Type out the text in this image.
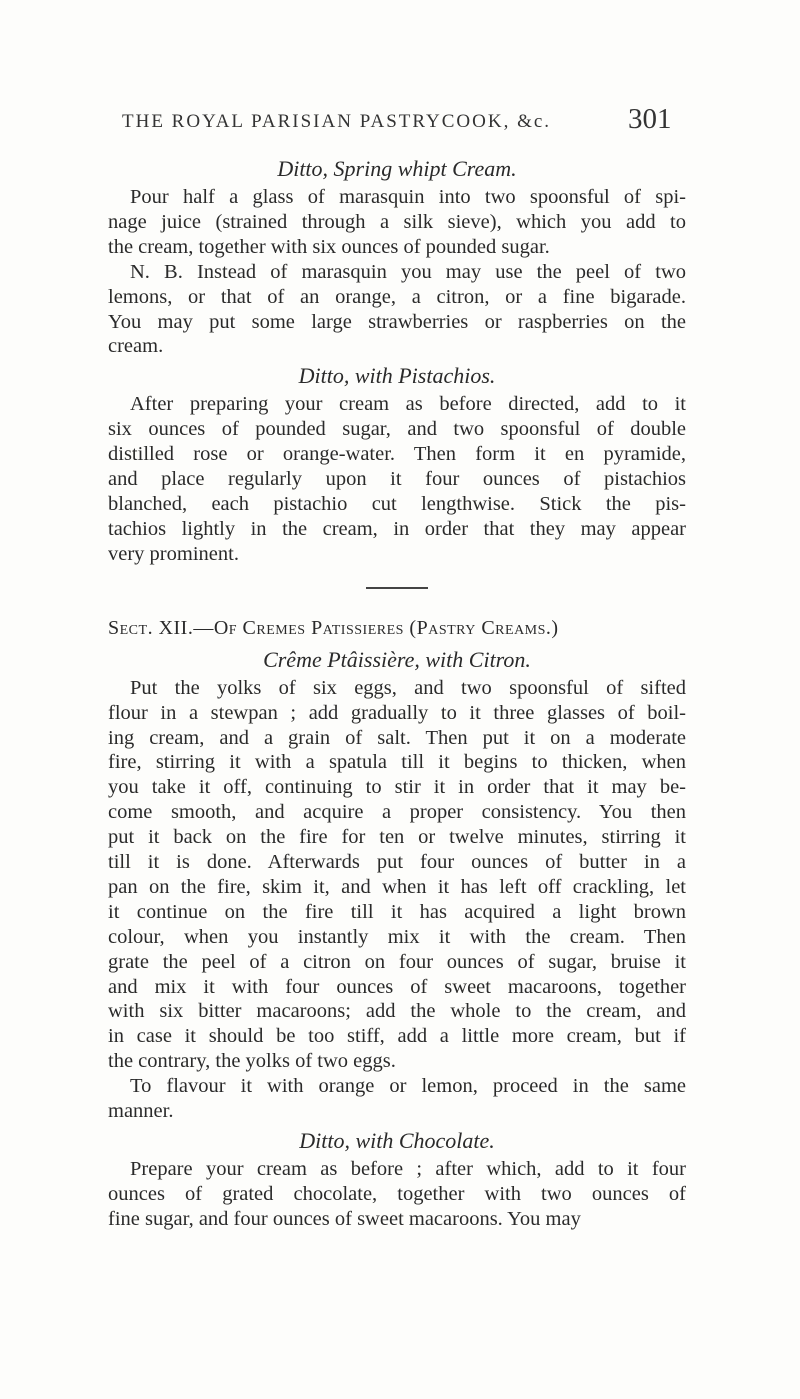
THE ROYAL PARISIAN PASTRYCOOK, &c.	301

Ditto, Spring whipt Cream.

Pour half a glass of marasquin into two spoonsful of spi-
nage juice (strained through a silk sieve), which you add to
the cream, together with six ounces of pounded sugar.
N. B. Instead of marasquin you may use the peel of two
lemons, or that of an orange, a citron, or a fine bigarade.
You may put some large strawberries or raspberries on the
cream.

Ditto, with Pistachios.

After preparing your cream as before directed, add to it
six ounces of pounded sugar, and two spoonsful of double
distilled rose or orange-water. Then form it en pyramide,
and place regularly upon it four ounces of pistachios
blanched, each pistachio cut lengthwise. Stick the pis-
tachios lightly in the cream, in order that they may appear
very prominent.

Sect. XII.—Of Cremes Patissieres (Pastry Creams.)

Crême Ptâissière, with Citron.

Put the yolks of six eggs, and two spoonsful of sifted
flour in a stewpan ; add gradually to it three glasses of boil-
ing cream, and a grain of salt. Then put it on a moderate
fire, stirring it with a spatula till it begins to thicken, when
you take it off, continuing to stir it in order that it may be-
come smooth, and acquire a proper consistency. You then
put it back on the fire for ten or twelve minutes, stirring it
till it is done. Afterwards put four ounces of butter in a
pan on the fire, skim it, and when it has left off crackling, let
it continue on the fire till it has acquired a light brown
colour, when you instantly mix it with the cream. Then
grate the peel of a citron on four ounces of sugar, bruise it
and mix it with four ounces of sweet macaroons, together
with six bitter macaroons; add the whole to the cream, and
in case it should be too stiff, add a little more cream, but if
the contrary, the yolks of two eggs.
To flavour it with orange or lemon, proceed in the same
manner.

Ditto, with Chocolate.

Prepare your cream as before ; after which, add to it four
ounces of grated chocolate, together with two ounces of
fine sugar, and four ounces of sweet macaroons. You may
